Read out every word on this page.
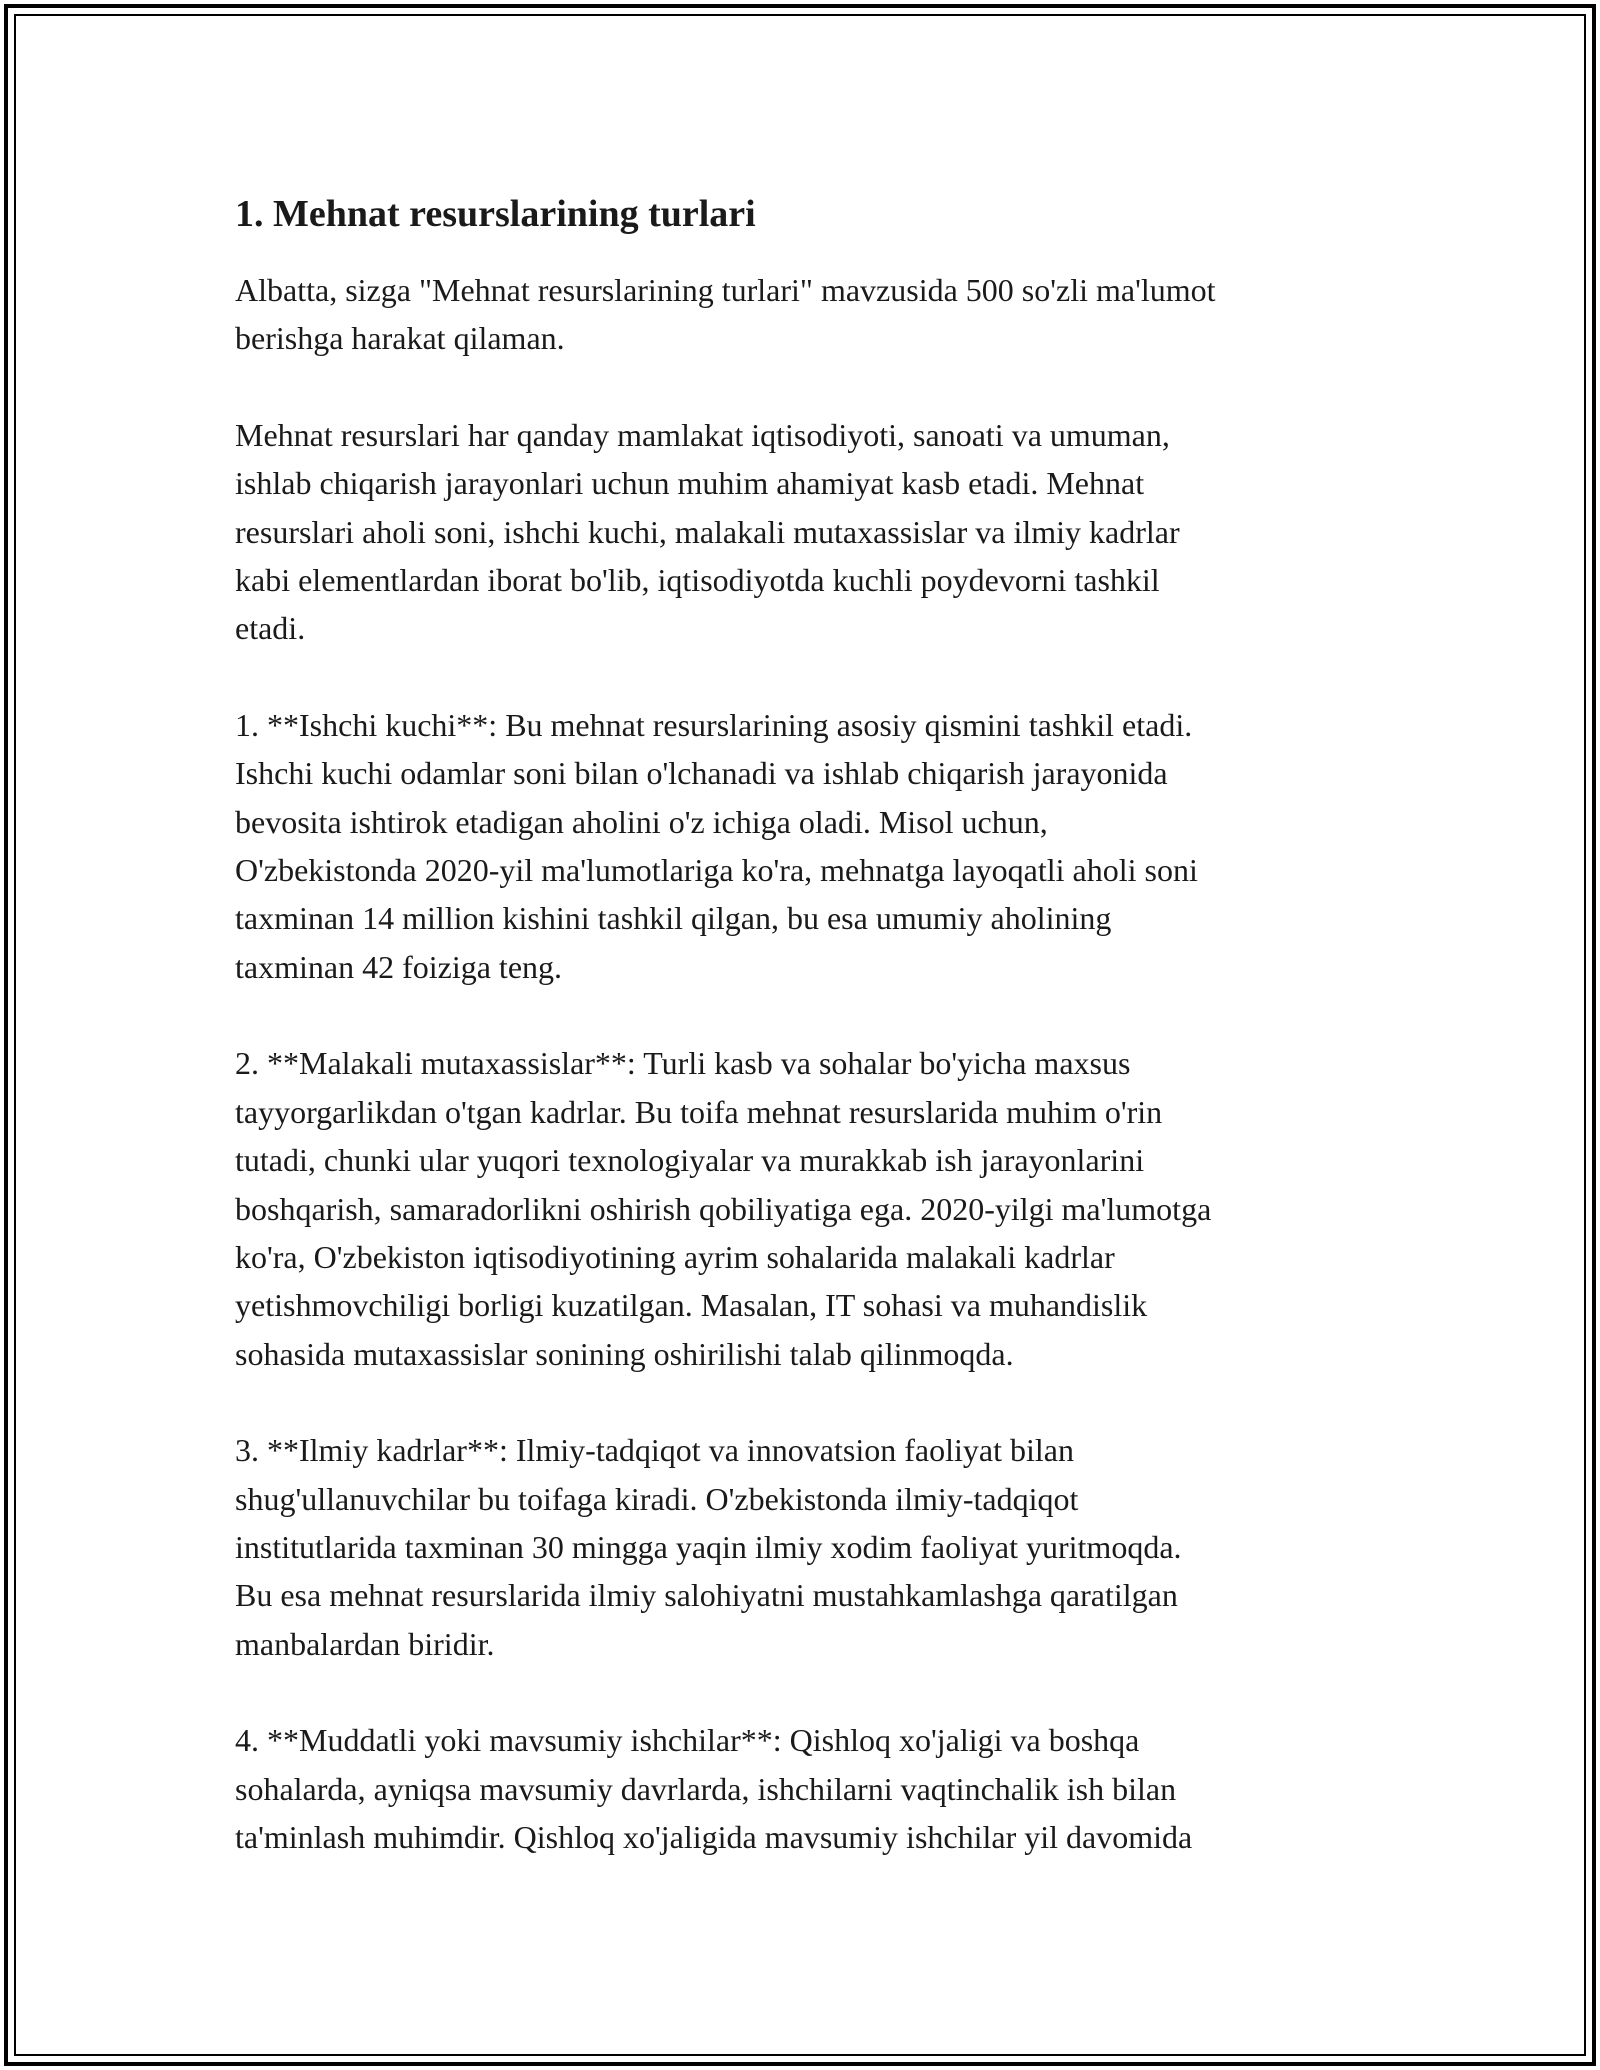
1. Mehnat resurslarining turlari

Albatta, sizga "Mehnat resurslarining turlari" mavzusida 500 so'zli ma'lumot
berishga harakat qilaman.

Mehnat resurslari har qanday mamlakat iqtisodiyoti, sanoati va umuman,
ishlab chiqarish jarayonlari uchun muhim ahamiyat kasb etadi. Mehnat
resurslari aholi soni, ishchi kuchi, malakali mutaxassislar va ilmiy kadrlar
kabi elementlardan iborat bo'lib, iqtisodiyotda kuchli poydevorni tashkil
etadi.

1. **Ishchi kuchi**: Bu mehnat resurslarining asosiy qismini tashkil etadi.
Ishchi kuchi odamlar soni bilan o'lchanadi va ishlab chiqarish jarayonida
bevosita ishtirok etadigan aholini o'z ichiga oladi. Misol uchun,
O'zbekistonda 2020-yil ma'lumotlariga ko'ra, mehnatga layoqatli aholi soni
taxminan 14 million kishini tashkil qilgan, bu esa umumiy aholining
taxminan 42 foiziga teng.

2. **Malakali mutaxassislar**: Turli kasb va sohalar bo'yicha maxsus
tayyorgarlikdan o'tgan kadrlar. Bu toifa mehnat resurslarida muhim o'rin
tutadi, chunki ular yuqori texnologiyalar va murakkab ish jarayonlarini
boshqarish, samaradorlikni oshirish qobiliyatiga ega. 2020-yilgi ma'lumotga
ko'ra, O'zbekiston iqtisodiyotining ayrim sohalarida malakali kadrlar
yetishmovchiligi borligi kuzatilgan. Masalan, IT sohasi va muhandislik
sohasida mutaxassislar sonining oshirilishi talab qilinmoqda.

3. **Ilmiy kadrlar**: Ilmiy-tadqiqot va innovatsion faoliyat bilan
shug'ullanuvchilar bu toifaga kiradi. O'zbekistonda ilmiy-tadqiqot
institutlarida taxminan 30 mingga yaqin ilmiy xodim faoliyat yuritmoqda.
Bu esa mehnat resurslarida ilmiy salohiyatni mustahkamlashga qaratilgan
manbalardan biridir.

4. **Muddatli yoki mavsumiy ishchilar**: Qishloq xo'jaligi va boshqa
sohalarda, ayniqsa mavsumiy davrlarda, ishchilarni vaqtinchalik ish bilan
ta'minlash muhimdir. Qishloq xo'jaligida mavsumiy ishchilar yil davomida
